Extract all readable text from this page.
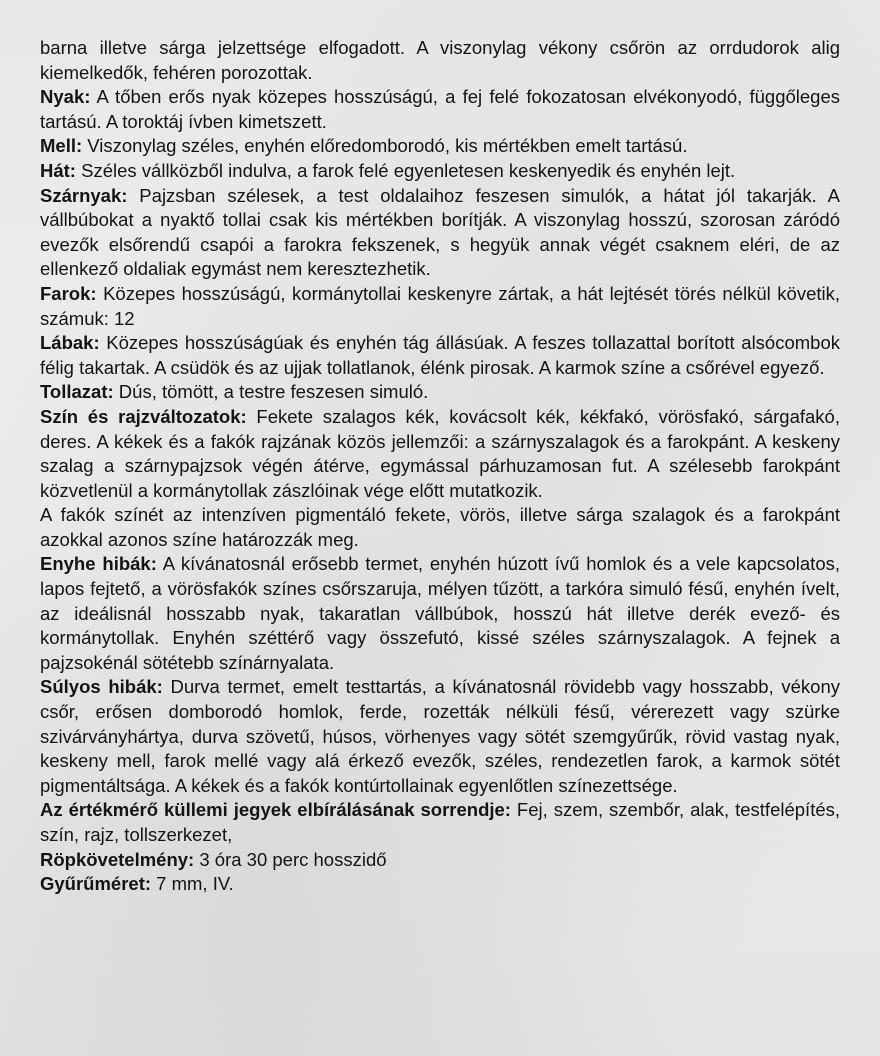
barna illetve sárga jelzettsége elfogadott. A viszonylag vékony csőrön az orrdudorok alig kiemelkedők, fehéren porozottak.

Nyak: A tőben erős nyak közepes hosszúságú, a fej felé fokozatosan elvékonyodó, függőleges tartású. A toroktáj ívben kimetszett.

Mell: Viszonylag széles, enyhén előredomborodó, kis mértékben emelt tartású.

Hát: Széles vállközből indulva, a farok felé egyenletesen keskenyedik és enyhén lejt.

Szárnyak: Pajzsban szélesek, a test oldalaihoz feszesen simulók, a hátat jól takarják. A vállbúbokat a nyaktő tollai csak kis mértékben borítják. A viszonylag hosszú, szorosan záródó evezők elsőrendű csapói a farokra fekszenek, s hegyük annak végét csaknem eléri, de az ellenkező oldaliak egymást nem keresztezhetik.

Farok: Közepes hosszúságú, kormánytollai keskenyre zártak, a hát lejtését törés nélkül követik, számuk: 12

Lábak: Közepes hosszúságúak és enyhén tág állásúak. A feszes tollazattal borított alsócombok félig takartak. A csüdök és az ujjak tollatlanok, élénk pirosak. A karmok színe a csőrével egyező.

Tollazat: Dús, tömött, a testre feszesen simuló.

Szín és rajzváltozatok: Fekete szalagos kék, kovácsolt kék, kékfakó, vörösfakó, sárgafakó, deres. A kékek és a fakók rajzának közös jellemzői: a szárnyszalagok és a farokpánt. A keskeny szalag a szárnypajzsok végén átérve, egymással párhuzamosan fut. A szélesebb farokpánt közvetlenül a kormánytollak zászlóinak vége előtt mutatkozik.

A fakók színét az intenzíven pigmentáló fekete, vörös, illetve sárga szalagok és a farokpánt azokkal azonos színe határozzák meg.

Enyhe hibák: A kívánatosnál erősebb termet, enyhén húzott ívű homlok és a vele kapcsolatos, lapos fejtető, a vörösfakók színes csőrszaruja, mélyen tűzött, a tarkóra simuló fésű, enyhén ívelt, az ideálisnál hosszabb nyak, takaratlan vállbúbok, hosszú hát illetve derék evező- és kormánytollak. Enyhén széttérő vagy összefutó, kissé széles szárnyszalagok. A fejnek a pajzsokénál sötétebb színárnyalata.

Súlyos hibák: Durva termet, emelt testtartás, a kívánatosnál rövidebb vagy hosszabb, vékony csőr, erősen domborodó homlok, ferde, rozetták nélküli fésű, vérerezett vagy szürke szivárványhártya, durva szövetű, húsos, vörhenyes vagy sötét szemgyűrűk, rövid vastag nyak, keskeny mell, farok mellé vagy alá érkező evezők, széles, rendezetlen farok, a karmok sötét pigmentáltsága. A kékek és a fakók kontúrtollainak egyenlőtlen színezettsége.

Az értékmérő küllemi jegyek elbírálásának sorrendje: Fej, szem, szembőr, alak, testfelépítés, szín, rajz, tollszerkezet,

Röpkövetelmény: 3 óra 30 perc hosszidő

Gyűrűméret: 7 mm, IV.
